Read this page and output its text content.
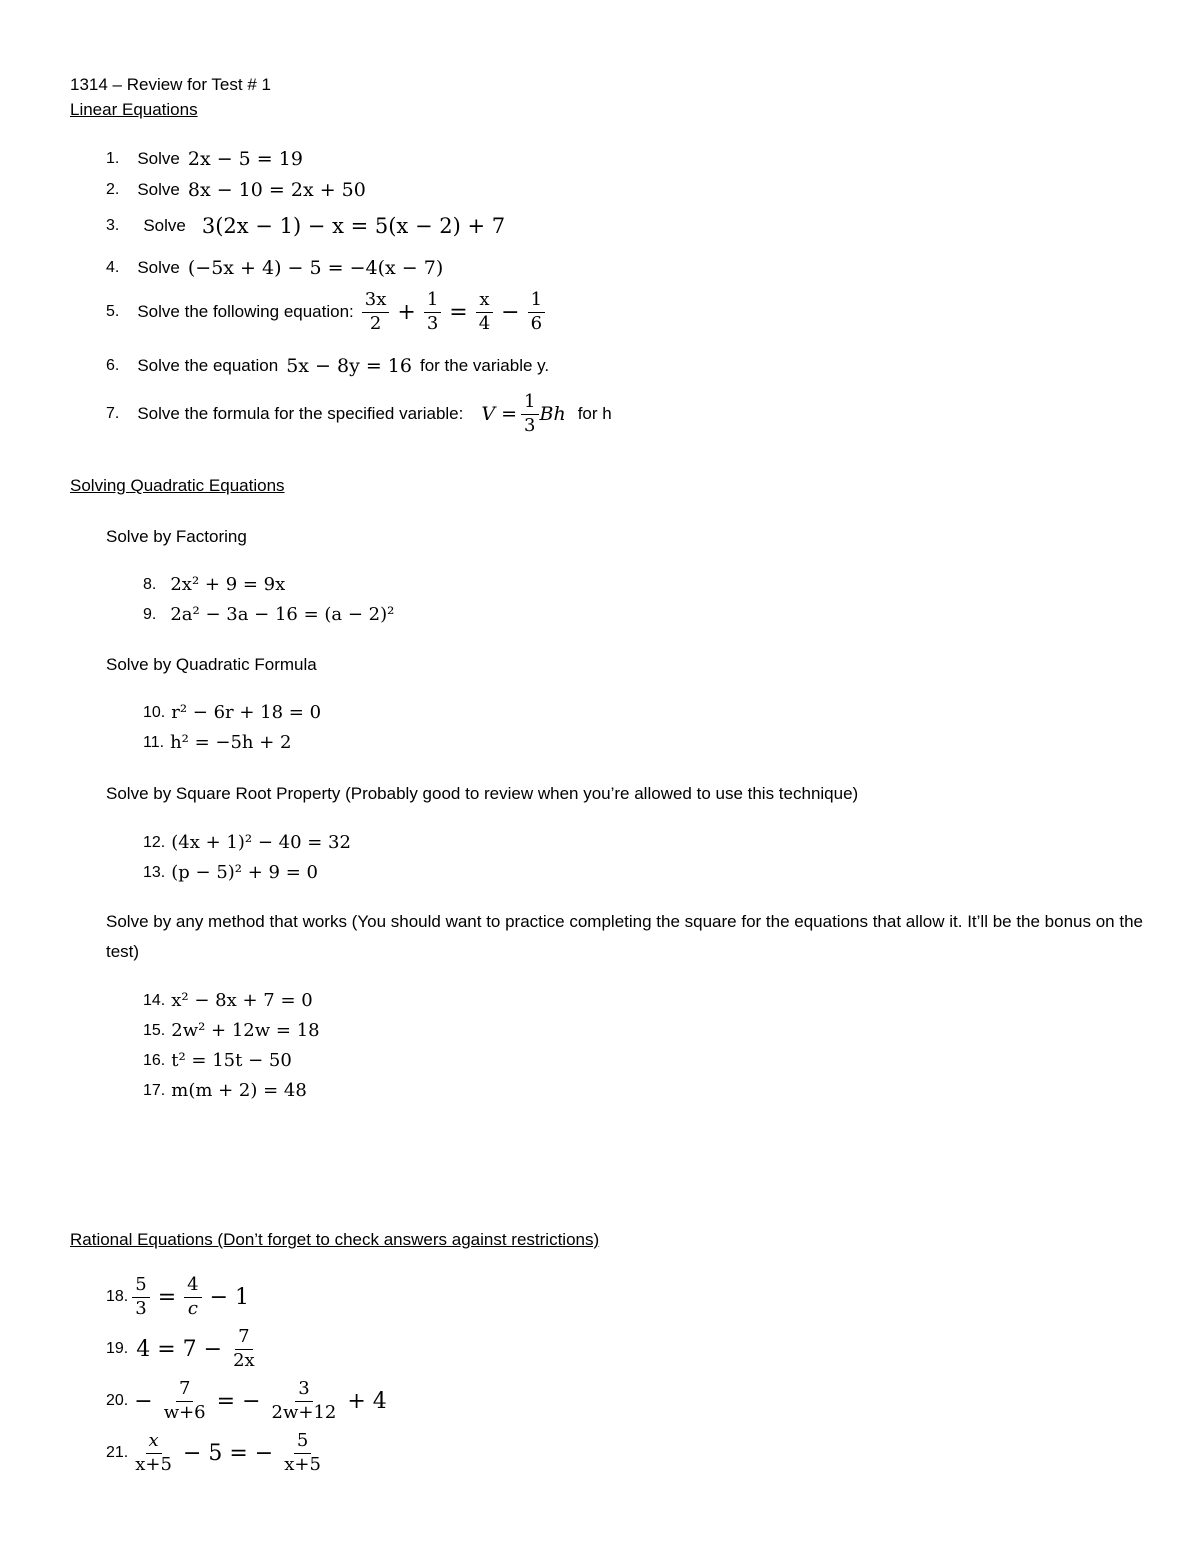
1314 – Review for Test # 1
Linear Equations
1. Solve 2x − 5 = 19
2. Solve 8x − 10 = 2x + 50
3. Solve 3(2x − 1) − x = 5(x − 2) + 7
4. Solve (−5x + 4) − 5 = −4(x − 7)
5. Solve the following equation: $\frac{3x}{2} + \frac{1}{3} = \frac{x}{4} - \frac{1}{6}$
6. Solve the equation 5x − 8y = 16 for the variable y.
7. Solve the formula for the specified variable: $V = \frac{1}{3}$ Bh for h
Solving Quadratic Equations
Solve by Factoring
8. 2x² + 9 = 9x
9. 2a² − 3a − 16 = (a − 2)²
Solve by Quadratic Formula
10. r² − 6r + 18 = 0
11. h² = −5h + 2
Solve by Square Root Property (Probably good to review when you’re allowed to use this technique)
12. (4x + 1)² − 40 = 32
13. (p − 5)² + 9 = 0
Solve by any method that works (You should want to practice completing the square for the equations that allow it. It’ll be the bonus on the test)
14. x² − 8x + 7 = 0
15. 2w² + 12w = 18
16. t² = 15t − 50
17. m(m + 2) = 48
Rational Equations (Don’t forget to check answers against restrictions)
18. $\frac{5}{3} = \frac{4}{c} - 1$
19. $4 = 7 - \frac{7}{2x}$
20. − $\frac{7}{w+6}$ = − $\frac{3}{2w+12} + 4$
21. $\frac{x}{x+5} - 5$ = − $\frac{5}{x+5}$
